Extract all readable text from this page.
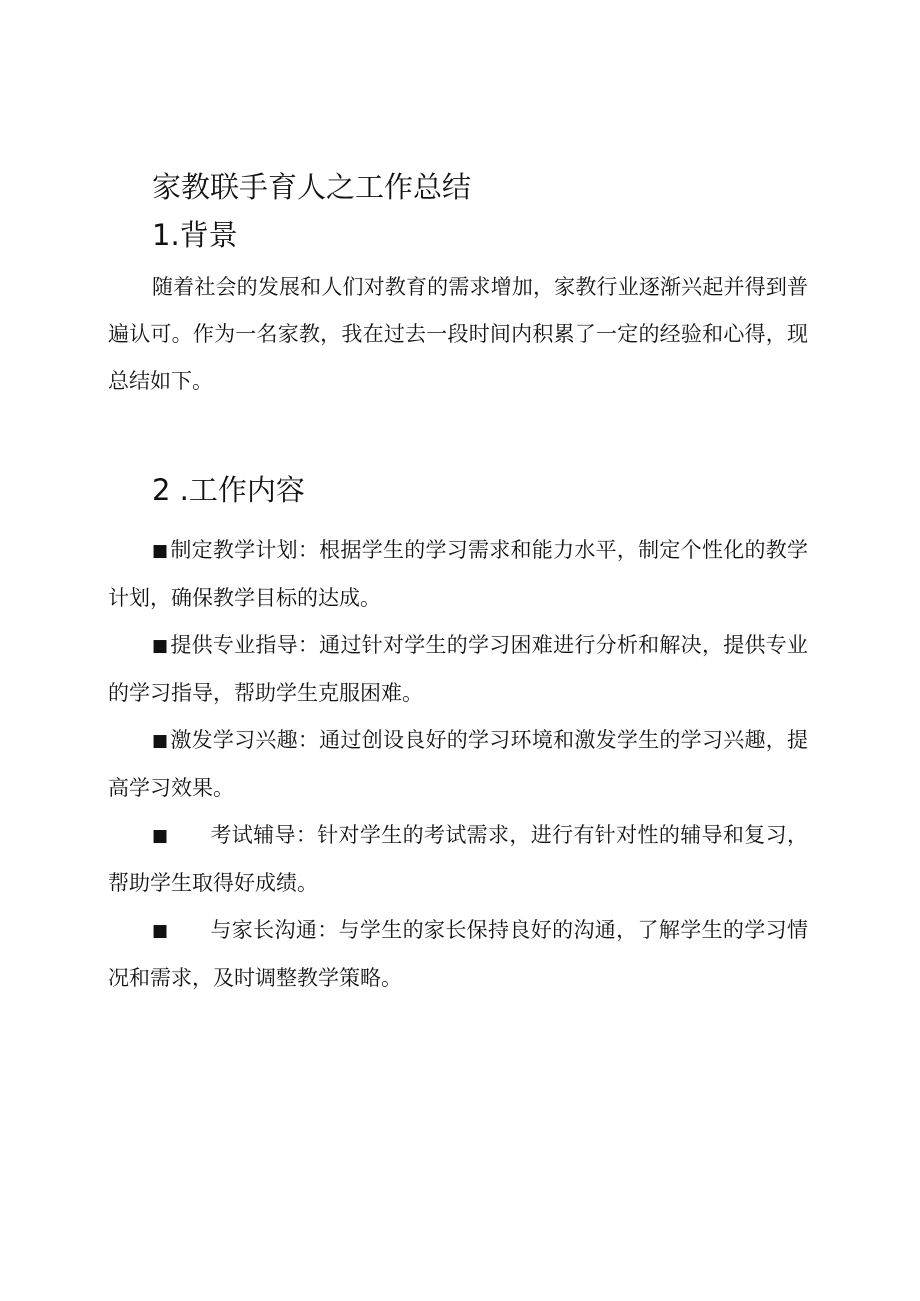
家教联手育人之工作总结
1.背景

随着社会的发展和人们对教育的需求增加，家教行业逐渐兴起并得到普遍认可。作为一名家教，我在过去一段时间内积累了一定的经验和心得，现总结如下。

2 .工作内容

■制定教学计划：根据学生的学习需求和能力水平，制定个性化的教学计划，确保教学目标的达成。

■提供专业指导：通过针对学生的学习困难进行分析和解决，提供专业的学习指导，帮助学生克服困难。

■激发学习兴趣：通过创设良好的学习环境和激发学生的学习兴趣，提高学习效果。

■ 考试辅导：针对学生的考试需求，进行有针对性的辅导和复习，帮助学生取得好成绩。

■ 与家长沟通：与学生的家长保持良好的沟通，了解学生的学习情况和需求，及时调整教学策略。
